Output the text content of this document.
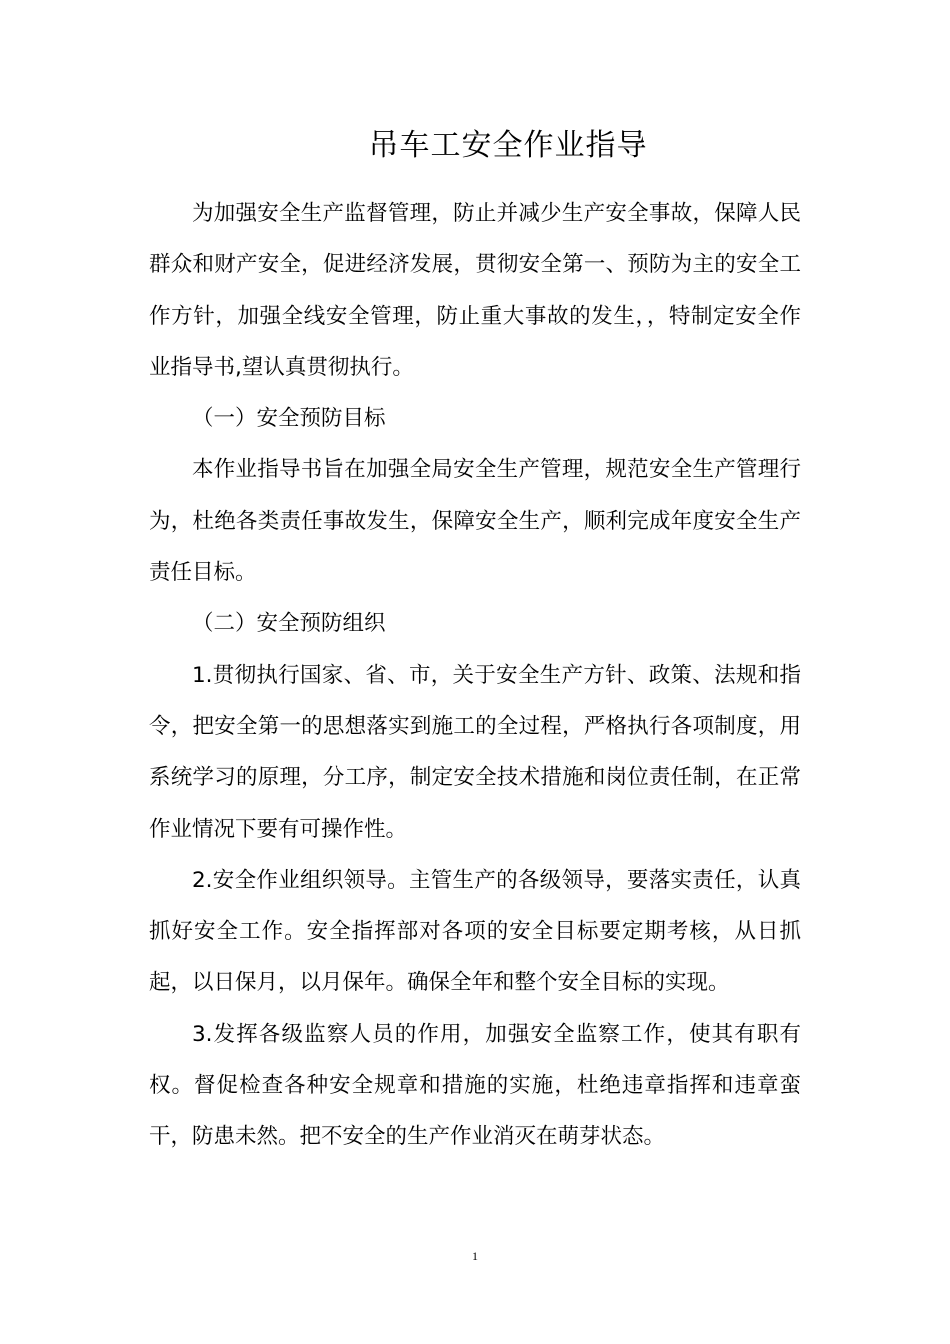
吊车工安全作业指导

为加强安全生产监督管理，防止并减少生产安全事故，保障人民群众和财产安全，促进经济发展，贯彻安全第一、预防为主的安全工作方针，加强全线安全管理，防止重大事故的发生，，特制定安全作业指导书,望认真贯彻执行。

（一）安全预防目标

本作业指导书旨在加强全局安全生产管理，规范安全生产管理行为，杜绝各类责任事故发生，保障安全生产，顺利完成年度安全生产责任目标。

（二）安全预防组织

1.贯彻执行国家、省、市，关于安全生产方针、政策、法规和指令，把安全第一的思想落实到施工的全过程，严格执行各项制度，用系统学习的原理，分工序，制定安全技术措施和岗位责任制，在正常作业情况下要有可操作性。

2.安全作业组织领导。主管生产的各级领导，要落实责任，认真抓好安全工作。安全指挥部对各项的安全目标要定期考核，从日抓起，以日保月，以月保年。确保全年和整个安全目标的实现。

3.发挥各级监察人员的作用，加强安全监察工作，使其有职有权。督促检查各种安全规章和措施的实施，杜绝违章指挥和违章蛮干，防患未然。把不安全的生产作业消灭在萌芽状态。

1
